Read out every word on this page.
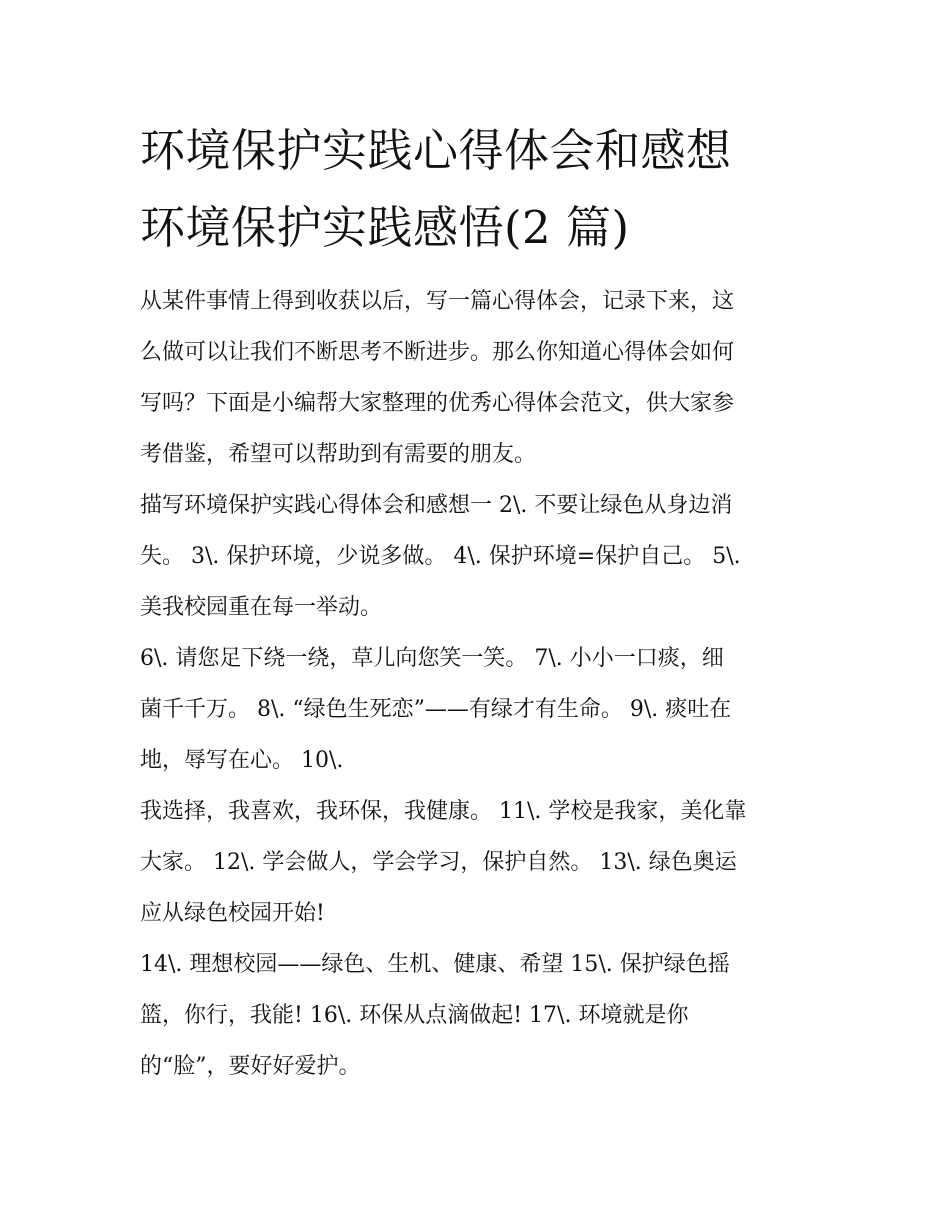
环境保护实践心得体会和感想
环境保护实践感悟(2 篇)
从某件事情上得到收获以后，写一篇心得体会，记录下来，这
么做可以让我们不断思考不断进步。那么你知道心得体会如何
写吗？下面是小编帮大家整理的优秀心得体会范文，供大家参
考借鉴，希望可以帮助到有需要的朋友。
描写环境保护实践心得体会和感想一 2\. 不要让绿色从身边消
失。 3\. 保护环境，少说多做。 4\. 保护环境=保护自己。 5\.
美我校园重在每一举动。
6\. 请您足下绕一绕，草儿向您笑一笑。 7\. 小小一口痰，细
菌千千万。 8\. “绿色生死恋”——有绿才有生命。 9\. 痰吐在
地，辱写在心。 10\.
我选择，我喜欢，我环保，我健康。 11\. 学校是我家，美化靠
大家。 12\. 学会做人，学会学习，保护自然。 13\. 绿色奥运
应从绿色校园开始!
14\. 理想校园——绿色、生机、健康、希望 15\. 保护绿色摇
篮，你行，我能! 16\. 环保从点滴做起! 17\. 环境就是你
的“脸”，要好好爱护。
